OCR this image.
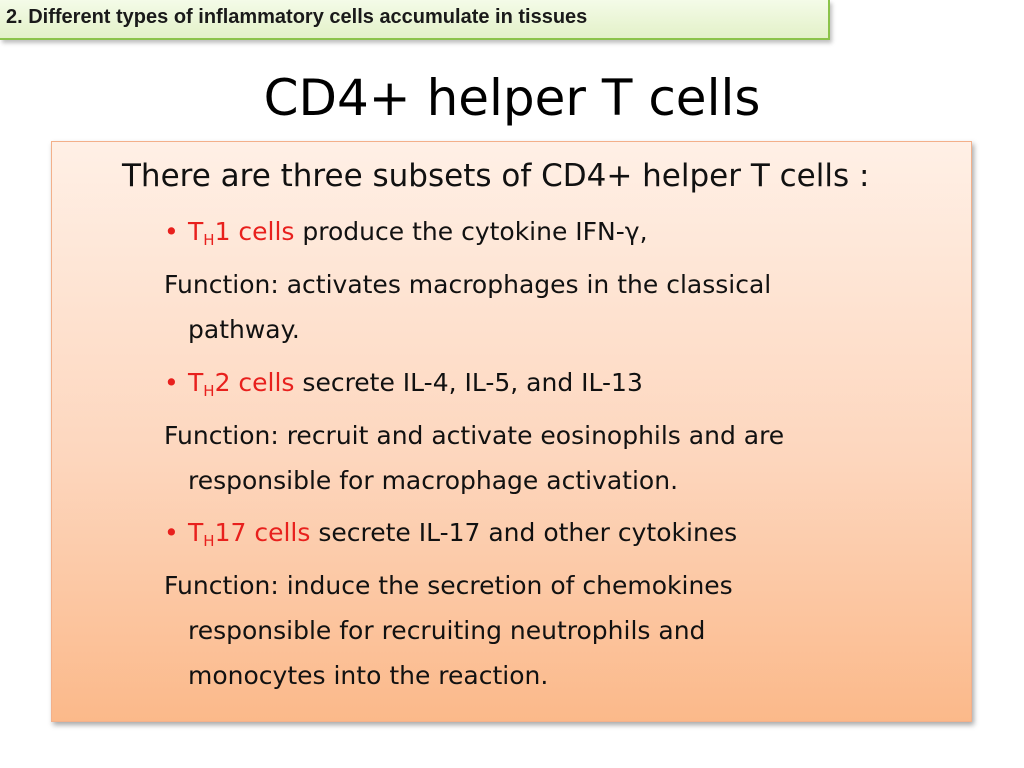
2. Different types of inflammatory cells accumulate in tissues
CD4+ helper T cells
There are three subsets of CD4+ helper T cells :
• $T_H1$ cells produce the cytokine IFN-γ,
Function: activates macrophages in the classical
pathway.
• $T_H2$ cells secrete IL-4, IL-5, and IL-13
Function: recruit and activate eosinophils and are
responsible for macrophage activation.
• $T_H17$ cells secrete IL-17 and other cytokines
Function: induce the secretion of chemokines
responsible for recruiting neutrophils and
monocytes into the reaction.
